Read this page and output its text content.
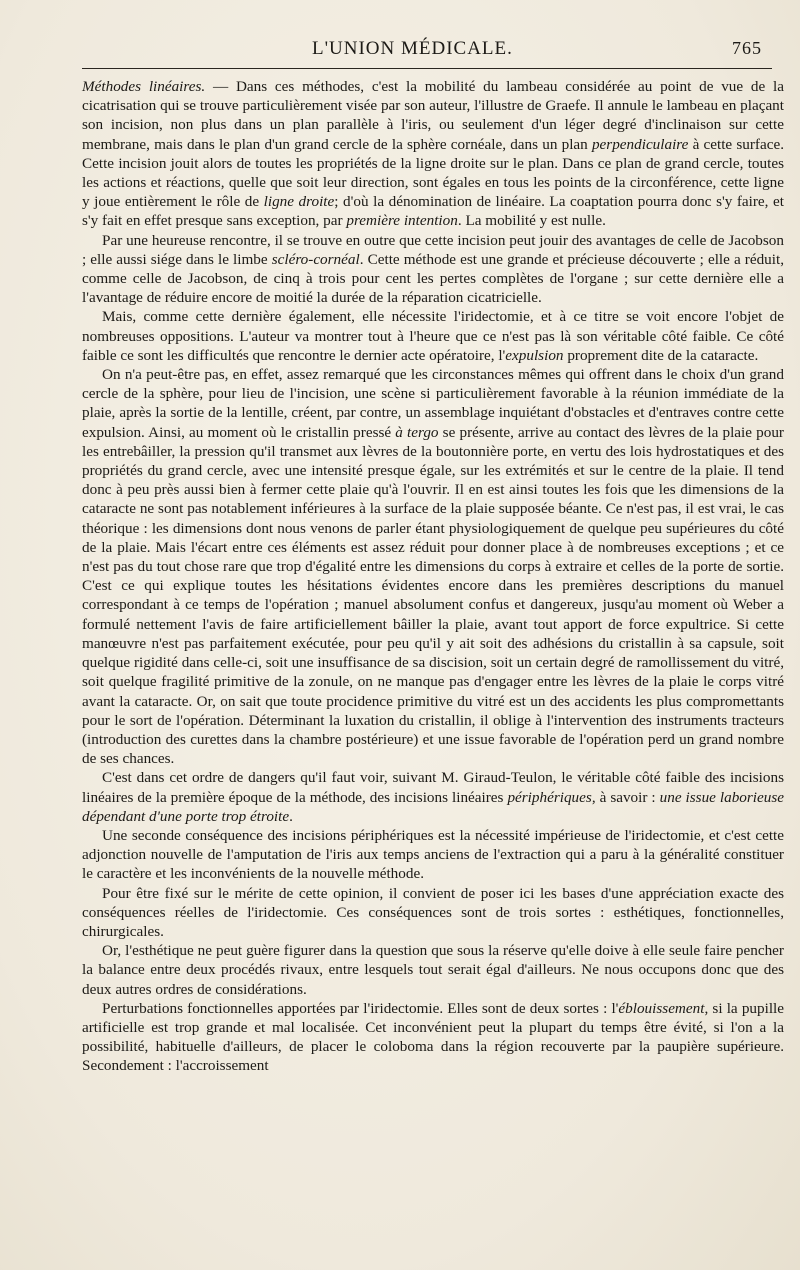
L'UNION MÉDICALE.	765

Méthodes linéaires. — Dans ces méthodes, c'est la mobilité du lambeau considérée au point de vue de la cicatrisation qui se trouve particulièrement visée par son auteur, l'illustre de Graefe. Il annule le lambeau en plaçant son incision, non plus dans un plan parallèle à l'iris, ou seulement d'un léger degré d'inclinaison sur cette membrane, mais dans le plan d'un grand cercle de la sphère cornéale, dans un plan perpendiculaire à cette surface. Cette incision jouit alors de toutes les propriétés de la ligne droite sur le plan. Dans ce plan de grand cercle, toutes les actions et réactions, quelle que soit leur direction, sont égales en tous les points de la circonférence, cette ligne y joue entièrement le rôle de ligne droite; d'où la dénomination de linéaire. La coaptation pourra donc s'y faire, et s'y fait en effet presque sans exception, par première intention. La mobilité y est nulle.

Par une heureuse rencontre, il se trouve en outre que cette incision peut jouir des avantages de celle de Jacobson ; elle aussi siége dans le limbe scléro-cornéal. Cette méthode est une grande et précieuse découverte ; elle a réduit, comme celle de Jacobson, de cinq à trois pour cent les pertes complètes de l'organe ; sur cette dernière elle a l'avantage de réduire encore de moitié la durée de la réparation cicatricielle.

Mais, comme cette dernière également, elle nécessite l'iridectomie, et à ce titre se voit encore l'objet de nombreuses oppositions. L'auteur va montrer tout à l'heure que ce n'est pas là son véritable côté faible. Ce côté faible ce sont les difficultés que rencontre le dernier acte opératoire, l'expulsion proprement dite de la cataracte.

On n'a peut-être pas, en effet, assez remarqué que les circonstances mêmes qui offrent dans le choix d'un grand cercle de la sphère, pour lieu de l'incision, une scène si particulièrement favorable à la réunion immédiate de la plaie, après la sortie de la lentille, créent, par contre, un assemblage inquiétant d'obstacles et d'entraves contre cette expulsion. Ainsi, au moment où le cristallin pressé à tergo se présente, arrive au contact des lèvres de la plaie pour les entrebâiller, la pression qu'il transmet aux lèvres de la boutonnière porte, en vertu des lois hydrostatiques et des propriétés du grand cercle, avec une intensité presque égale, sur les extrémités et sur le centre de la plaie. Il tend donc à peu près aussi bien à fermer cette plaie qu'à l'ouvrir. Il en est ainsi toutes les fois que les dimensions de la cataracte ne sont pas notablement inférieures à la surface de la plaie supposée béante. Ce n'est pas, il est vrai, le cas théorique : les dimensions dont nous venons de parler étant physiologiquement de quelque peu supérieures du côté de la plaie. Mais l'écart entre ces éléments est assez réduit pour donner place à de nombreuses exceptions ; et ce n'est pas du tout chose rare que trop d'égalité entre les dimensions du corps à extraire et celles de la porte de sortie. C'est ce qui explique toutes les hésitations évidentes encore dans les premières descriptions du manuel correspondant à ce temps de l'opération ; manuel absolument confus et dangereux, jusqu'au moment où Weber a formulé nettement l'avis de faire artificiellement bâiller la plaie, avant tout apport de force expultrice. Si cette manœuvre n'est pas parfaitement exécutée, pour peu qu'il y ait soit des adhésions du cristallin à sa capsule, soit quelque rigidité dans celle-ci, soit une insuffisance de sa discision, soit un certain degré de ramollissement du vitré, soit quelque fragilité primitive de la zonule, on ne manque pas d'engager entre les lèvres de la plaie le corps vitré avant la cataracte. Or, on sait que toute procidence primitive du vitré est un des accidents les plus compromettants pour le sort de l'opération. Déterminant la luxation du cristallin, il oblige à l'intervention des instruments tracteurs (introduction des curettes dans la chambre postérieure) et une issue favorable de l'opération perd un grand nombre de ses chances.

C'est dans cet ordre de dangers qu'il faut voir, suivant M. Giraud-Teulon, le véritable côté faible des incisions linéaires de la première époque de la méthode, des incisions linéaires périphériques, à savoir : une issue laborieuse dépendant d'une porte trop étroite.

Une seconde conséquence des incisions périphériques est la nécessité impérieuse de l'iridectomie, et c'est cette adjonction nouvelle de l'amputation de l'iris aux temps anciens de l'extraction qui a paru à la généralité constituer le caractère et les inconvénients de la nouvelle méthode.

Pour être fixé sur le mérite de cette opinion, il convient de poser ici les bases d'une appréciation exacte des conséquences réelles de l'iridectomie. Ces conséquences sont de trois sortes : esthétiques, fonctionnelles, chirurgicales.

Or, l'esthétique ne peut guère figurer dans la question que sous la réserve qu'elle doive à elle seule faire pencher la balance entre deux procédés rivaux, entre lesquels tout serait égal d'ailleurs. Ne nous occupons donc que des deux autres ordres de considérations.

Perturbations fonctionnelles apportées par l'iridectomie. Elles sont de deux sortes : l'éblouissement, si la pupille artificielle est trop grande et mal localisée. Cet inconvénient peut la plupart du temps être évité, si l'on a la possibilité, habituelle d'ailleurs, de placer le coloboma dans la région recouverte par la paupière supérieure. Secondement : l'accroissement
